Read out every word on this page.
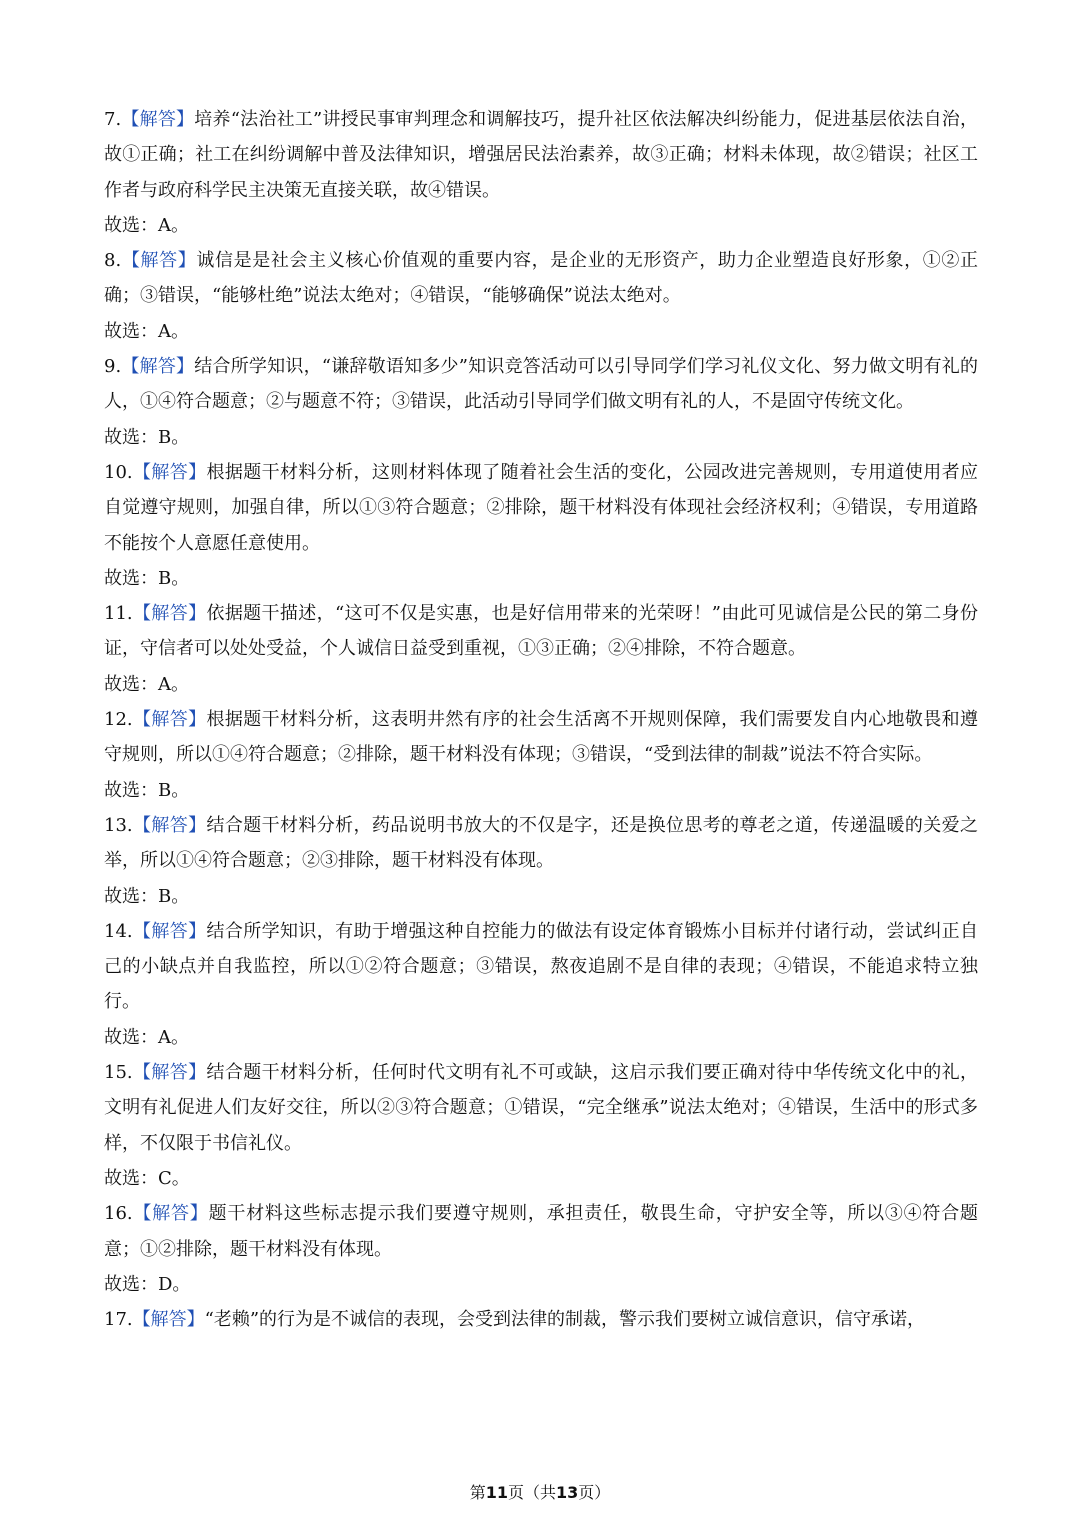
7.【解答】培养“法治社工”讲授民事审判理念和调解技巧，提升社区依法解决纠纷能力，促进基层依法自治，故①正确；社工在纠纷调解中普及法律知识，增强居民法治素养，故③正确；材料未体现，故②错误；社区工作者与政府科学民主决策无直接关联，故④错误。

故选：A。

8.【解答】诚信是是社会主义核心价值观的重要内容，是企业的无形资产，助力企业塑造良好形象，①②正确；③错误，“能够杜绝”说法太绝对；④错误，“能够确保”说法太绝对。

故选：A。

9.【解答】结合所学知识，“谦辞敬语知多少”知识竞答活动可以引导同学们学习礼仪文化、努力做文明有礼的人，①④符合题意；②与题意不符；③错误，此活动引导同学们做文明有礼的人，不是固守传统文化。

故选：B。

10.【解答】根据题干材料分析，这则材料体现了随着社会生活的变化，公园改进完善规则，专用道使用者应自觉遵守规则，加强自律，所以①③符合题意；②排除，题干材料没有体现社会经济权利；④错误，专用道路不能按个人意愿任意使用。

故选：B。

11.【解答】依据题干描述，“这可不仅是实惠，也是好信用带来的光荣呀！”由此可见诚信是公民的第二身份证，守信者可以处处受益，个人诚信日益受到重视，①③正确；②④排除，不符合题意。

故选：A。

12.【解答】根据题干材料分析，这表明井然有序的社会生活离不开规则保障，我们需要发自内心地敬畏和遵守规则，所以①④符合题意；②排除，题干材料没有体现；③错误，“受到法律的制裁”说法不符合实际。

故选：B。

13.【解答】结合题干材料分析，药品说明书放大的不仅是字，还是换位思考的尊老之道，传递温暖的关爱之举，所以①④符合题意；②③排除，题干材料没有体现。

故选：B。

14.【解答】结合所学知识，有助于增强这种自控能力的做法有设定体育锻炼小目标并付诸行动，尝试纠正自己的小缺点并自我监控，所以①②符合题意；③错误，熬夜追剧不是自律的表现；④错误，不能追求特立独行。

故选：A。

15.【解答】结合题干材料分析，任何时代文明有礼不可或缺，这启示我们要正确对待中华传统文化中的礼，文明有礼促进人们友好交往，所以②③符合题意；①错误，“完全继承”说法太绝对；④错误，生活中的形式多样，不仅限于书信礼仪。

故选：C。

16.【解答】题干材料这些标志提示我们要遵守规则，承担责任，敬畏生命，守护安全等，所以③④符合题意；①②排除，题干材料没有体现。

故选：D。

17.【解答】“老赖”的行为是不诚信的表现，会受到法律的制裁，警示我们要树立诚信意识，信守承诺，

第11页（共13页）
